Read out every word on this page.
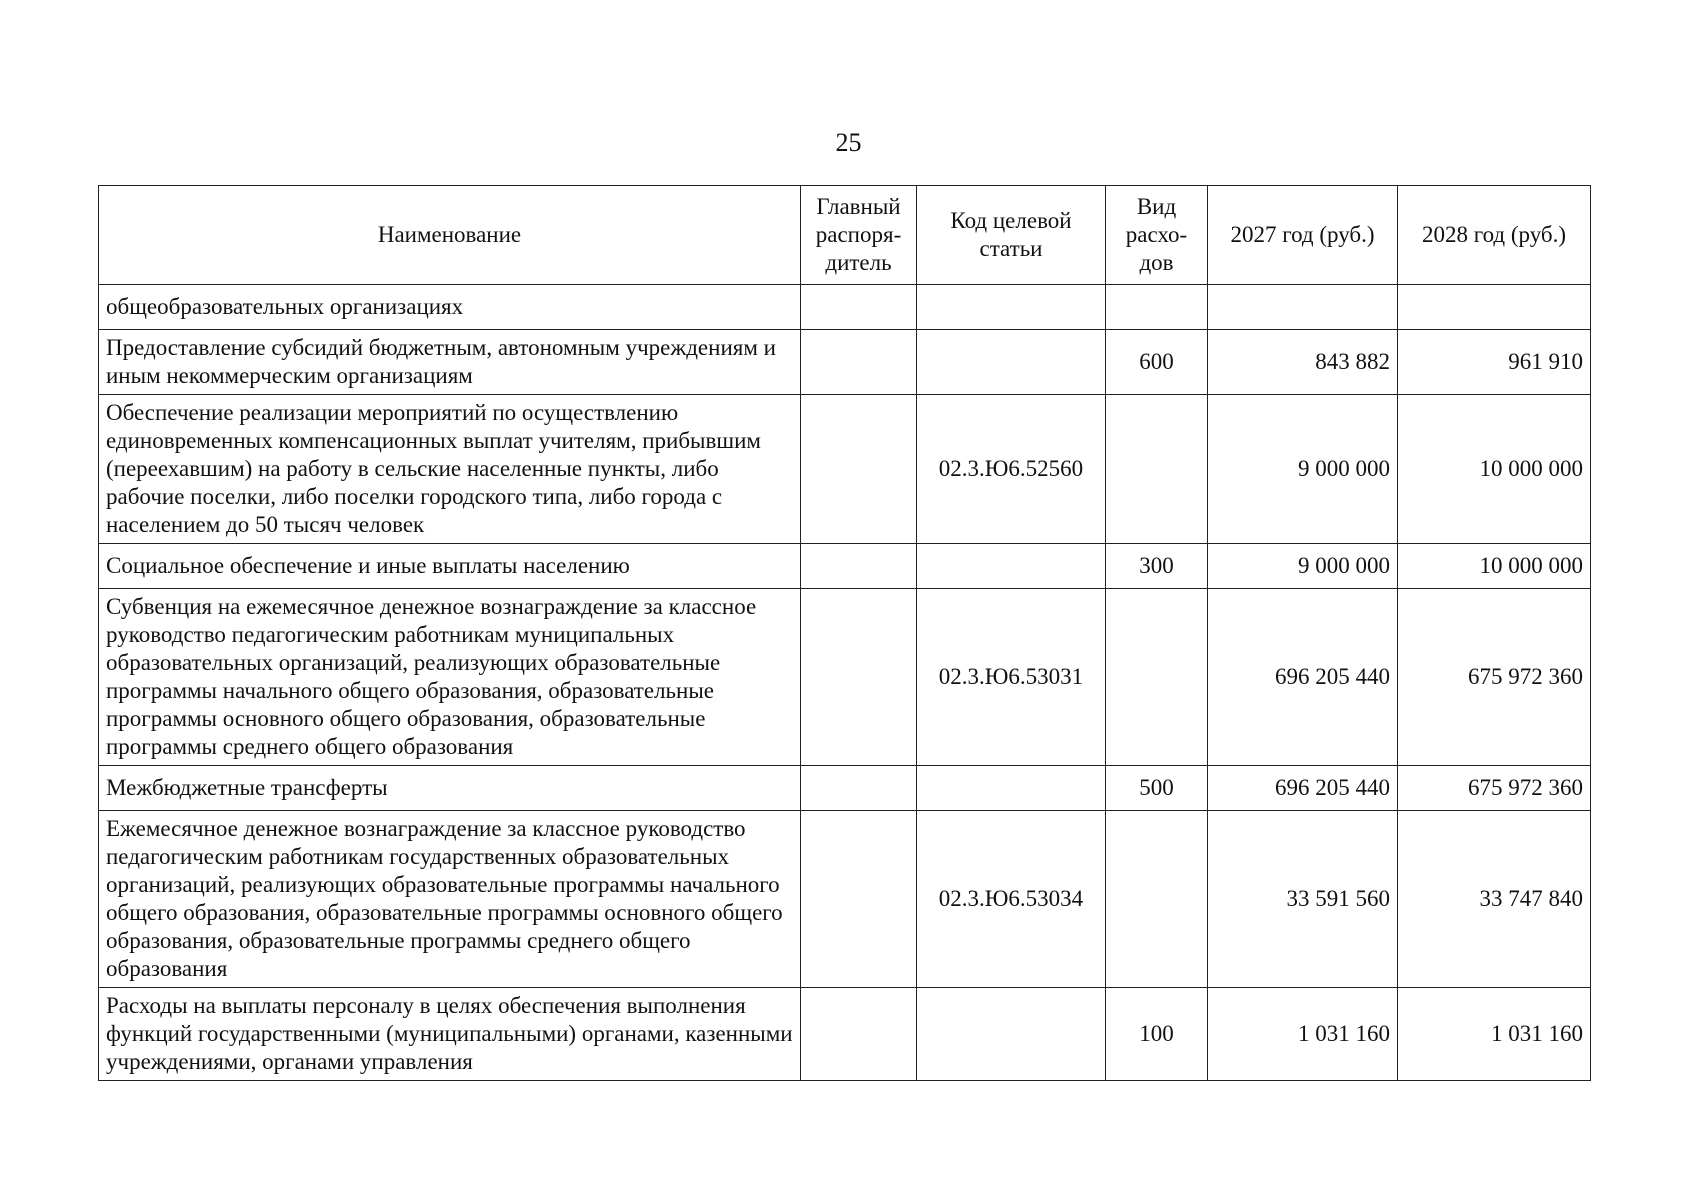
25
Наименование	Главный распоря-дитель	Код целевой статьи	Вид расхо-дов	2027 год (руб.)	2028 год (руб.)
общеобразовательных организациях					
Предоставление субсидий бюджетным, автономным учреждениям и иным некоммерческим организациям			600	843 882	961 910
Обеспечение реализации мероприятий по осуществлению единовременных компенсационных выплат учителям, прибывшим (переехавшим) на работу в сельские населенные пункты, либо рабочие поселки, либо поселки городского типа, либо города с населением до 50 тысяч человек		02.3.Ю6.52560		9 000 000	10 000 000
Социальное обеспечение и иные выплаты населению			300	9 000 000	10 000 000
Субвенция на ежемесячное денежное вознаграждение за классное руководство педагогическим работникам муниципальных образовательных организаций, реализующих образовательные программы начального общего образования, образовательные программы основного общего образования, образовательные программы среднего общего образования		02.3.Ю6.53031		696 205 440	675 972 360
Межбюджетные трансферты			500	696 205 440	675 972 360
Ежемесячное денежное вознаграждение за классное руководство педагогическим работникам государственных образовательных организаций, реализующих образовательные программы начального общего образования, образовательные программы основного общего образования, образовательные программы среднего общего образования		02.3.Ю6.53034		33 591 560	33 747 840
Расходы на выплаты персоналу в целях обеспечения выполнения функций государственными (муниципальными) органами, казенными учреждениями, органами управления			100	1 031 160	1 031 160
